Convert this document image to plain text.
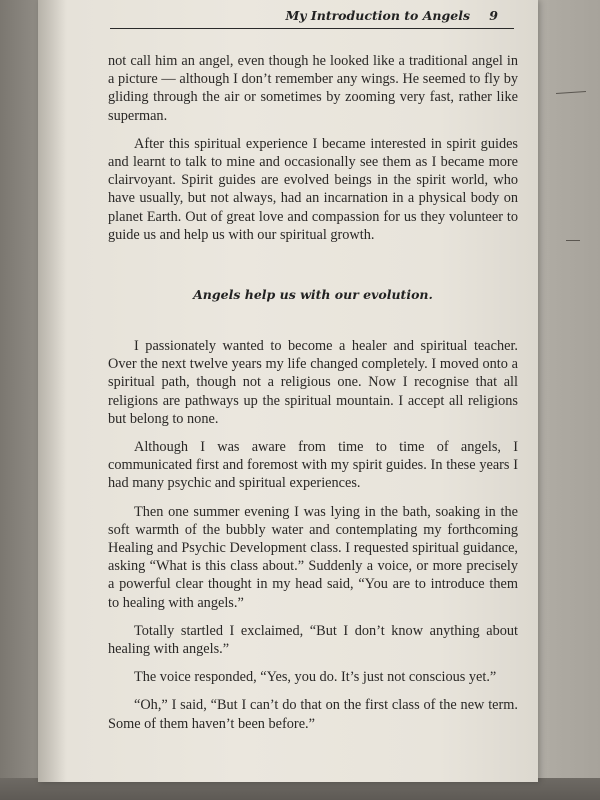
My Introduction to Angels 9

not call him an angel, even though he looked like a traditional angel in a picture — although I don’t remember any wings. He seemed to fly by gliding through the air or sometimes by zooming very fast, rather like superman.

After this spiritual experience I became interested in spirit guides and learnt to talk to mine and occasionally see them as I became more clairvoyant. Spirit guides are evolved beings in the spirit world, who have usually, but not always, had an incarnation in a physical body on planet Earth. Out of great love and compassion for us they volunteer to guide us and help us with our spiritual growth.

Angels help us with our evolution.

I passionately wanted to become a healer and spiritual teacher. Over the next twelve years my life changed completely. I moved onto a spiritual path, though not a religious one. Now I recognise that all religions are pathways up the spiritual mountain. I accept all religions but belong to none.

Although I was aware from time to time of angels, I communicated first and foremost with my spirit guides. In these years I had many psychic and spiritual experiences.

Then one summer evening I was lying in the bath, soaking in the soft warmth of the bubbly water and contemplating my forthcoming Healing and Psychic Development class. I requested spiritual guidance, asking “What is this class about.” Suddenly a voice, or more precisely a powerful clear thought in my head said, “You are to introduce them to healing with angels.”

Totally startled I exclaimed, “But I don’t know anything about healing with angels.”

The voice responded, “Yes, you do. It’s just not conscious yet.”

“Oh,” I said, “But I can’t do that on the first class of the new term. Some of them haven’t been before.”
